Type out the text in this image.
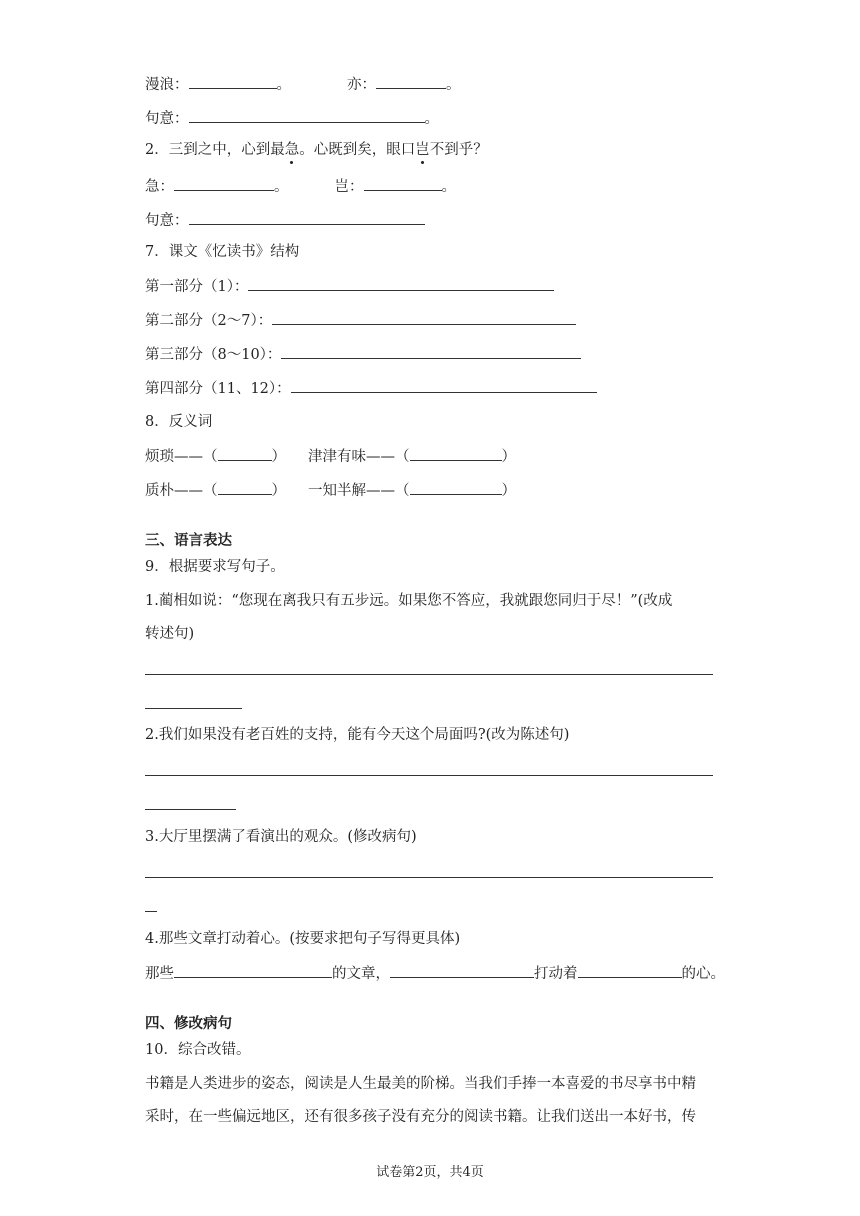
漫浪：	。	亦：	。
句意：	。
2．三到之中，心到最急。心既到矣，眼口岂不到乎？
急：	。	岂：	。
句意：
7．课文《忆读书》结构
第一部分（1）：
第二部分（2～7）：
第三部分（8～10）：
第四部分（11、12）：
8．反义词
烦琐——（	） 津津有味——（	）
质朴——（	） 一知半解——（	）
三、语言表达
9．根据要求写句子。
1.蔺相如说：“您现在离我只有五步远。如果您不答应，我就跟您同归于尽！”(改成
转述句)
2.我们如果没有老百姓的支持，能有今天这个局面吗?(改为陈述句)
3.大厅里摆满了看演出的观众。(修改病句)
4.那些文章打动着心。(按要求把句子写得更具体)
那些	的文章，	打动着	的心。
四、修改病句
10．综合改错。
书籍是人类进步的姿态，阅读是人生最美的阶梯。当我们手捧一本喜爱的书尽享书中精
采时，在一些偏远地区，还有很多孩子没有充分的阅读书籍。让我们送出一本好书，传
试卷第2页，共4页
